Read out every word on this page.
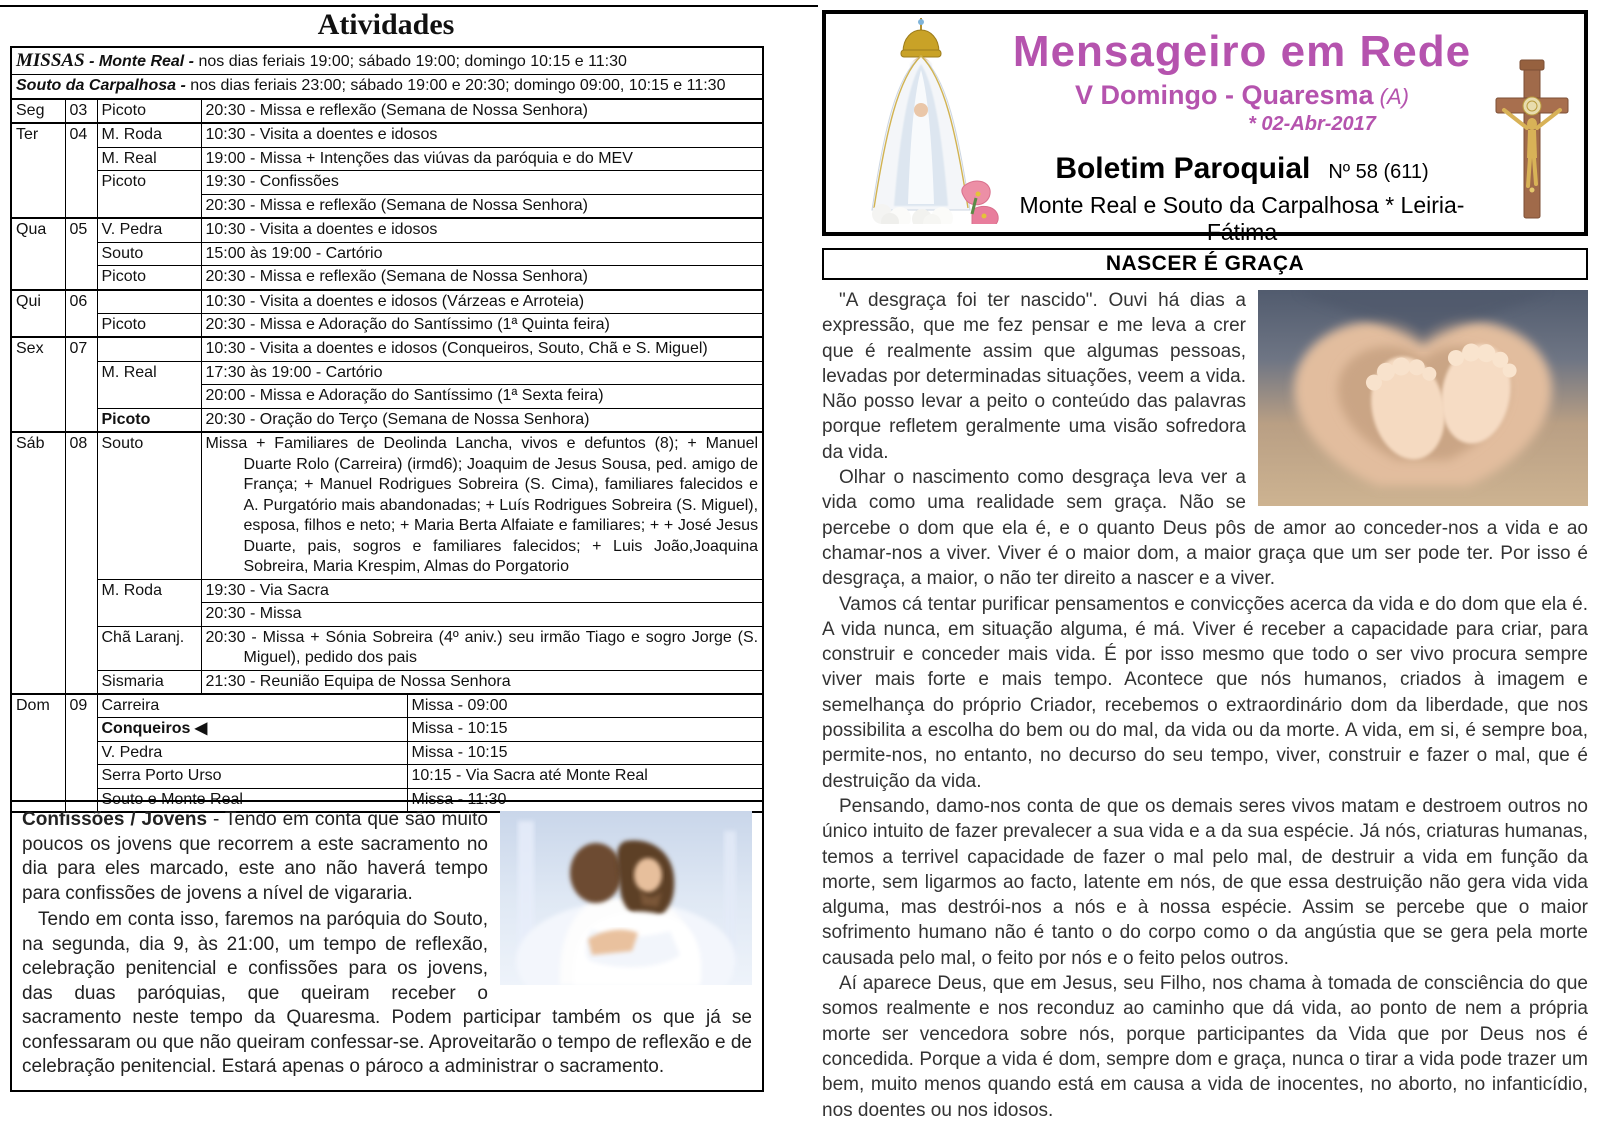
Atividades
MISSAS - Monte Real - nos dias feriais 19:00; sábado 19:00; domingo 10:15 e 11:30				
Souto da Carpalhosa - nos dias feriais 23:00; sábado 19:00 e 20:30; domingo 09:00, 10:15 e 11:30				
Seg	03	Picoto	20:30 - Missa e reflexão (Semana de Nossa Senhora)	
Ter	04	M. Roda	10:30 - Visita a doentes e idosos	
		M. Real	19:00 - Missa + Intenções das viúvas da paróquia e do MEV	
		Picoto	19:30 - Confissões	
			20:30 - Missa e reflexão (Semana de Nossa Senhora)	
Qua	05	V. Pedra	10:30 - Visita a doentes e idosos	
		Souto	15:00 às 19:00 - Cartório	
		Picoto	20:30 - Missa e reflexão (Semana de Nossa Senhora)	
Qui	06		10:30 - Visita a doentes e idosos (Várzeas e Arroteia)	
		Picoto	20:30 - Missa e Adoração do Santíssimo (1ª Quinta feira)	
Sex	07		10:30 - Visita a doentes e idosos (Conqueiros, Souto, Chã e S. Miguel)	
		M. Real	17:30 às 19:00 - Cartório	
			20:00 - Missa e Adoração do Santíssimo (1ª Sexta feira)	
		Picoto	20:30 - Oração do Terço (Semana de Nossa Senhora)	
Sáb	08	Souto	Missa + Familiares de Deolinda Lancha, vivos e defuntos (8); + Manuel Duarte Rolo (Carreira) (irmd6); Joaquim de Jesus Sousa, ped. amigo de França; + Manuel Rodrigues Sobreira (S. Cima), familiares falecidos e A. Purgatório mais abandonadas; + Luís Rodrigues Sobreira (S. Miguel), esposa, filhos e neto; + Maria Berta Alfaiate e familiares; + + José Jesus Duarte, pais, sogros e familiares falecidos; + Luis João,Joaquina Sobreira, Maria Krespim, Almas do Porgatorio	
		M. Roda	19:30 - Via Sacra	
			20:30 - Missa	
		Chã Laranj.	20:30 - Missa + Sónia Sobreira (4º aniv.) seu irmão Tiago e sogro Jorge (S. Miguel), pedido dos pais	
		Sismaria	21:30 - Reunião Equipa de Nossa Senhora	
Dom	09	Carreira		Missa - 09:00
		Conqueiros ◀		Missa - 10:15
		V. Pedra		Missa - 10:15
		Serra Porto Urso		10:15 - Via Sacra até Monte Real
		Souto e Monte Real		Missa - 11:30

Confissões / Jovens - Tendo em conta que são muito poucos os jovens que recorrem a este sacramento no dia para eles marcado, este ano não haverá tempo para confissões de jovens a nível de vigararia.

Tendo em conta isso, faremos na paróquia do Souto, na segunda, dia 9, às 21:00, um tempo de reflexão, celebração penitencial e confissões para os jovens, das duas paróquias, que queiram receber o sacramento neste tempo da Quaresma. Podem participar também os que já se confessaram ou que não queiram confessar-se. Aproveitarão o tempo de reflexão e de celebração penitencial. Estará apenas o pároco a administrar o sacramento.

Mensageiro em Rede
V Domingo - Quaresma (A)
* 02-Abr-2017
Boletim Paroquial Nº 58 (611)
Monte Real e Souto da Carpalhosa * Leiria-Fátima
NASCER É GRAÇA

"A desgraça foi ter nascido". Ouvi há dias a expressão, que me fez pensar e me leva a crer que é realmente assim que algumas pessoas, levadas por determinadas situações, veem a vida. Não posso levar a peito o conteúdo das palavras porque refletem geralmente uma visão sofredora da vida.

Olhar o nascimento como desgraça leva ver a vida como uma realidade sem graça. Não se percebe o dom que ela é, e o quanto Deus pôs de amor ao conceder-nos a vida e ao chamar-nos a viver. Viver é o maior dom, a maior graça que um ser pode ter. Por isso é desgraça, a maior, o não ter direito a nascer e a viver.

Vamos cá tentar purificar pensamentos e convicções acerca da vida e do dom que ela é. A vida nunca, em situação alguma, é má. Viver é receber a capacidade para criar, para construir e conceder mais vida. É por isso mesmo que todo o ser vivo procura sempre viver mais forte e mais tempo. Acontece que nós humanos, criados à imagem e semelhança do próprio Criador, recebemos o extraordinário dom da liberdade, que nos possibilita a escolha do bem ou do mal, da vida ou da morte. A vida, em si, é sempre boa, permite-nos, no entanto, no decurso do seu tempo, viver, construir e fazer o mal, que é destruição da vida.

Pensando, damo-nos conta de que os demais seres vivos matam e destroem outros no único intuito de fazer prevalecer a sua vida e a da sua espécie. Já nós, criaturas humanas, temos a terrivel capacidade de fazer o mal pelo mal, de destruir a vida em função da morte, sem ligarmos ao facto, latente em nós, de que essa destruição não gera vida vida alguma, mas destrói-nos a nós e à nossa espécie. Assim se percebe que o maior sofrimento humano não é tanto o do corpo como o da angústia que se gera pela morte causada pelo mal, o feito por nós e o feito pelos outros.

Aí aparece Deus, que em Jesus, seu Filho, nos chama à tomada de consciência do que somos realmente e nos reconduz ao caminho que dá vida, ao ponto de nem a própria morte ser vencedora sobre nós, porque participantes da Vida que por Deus nos é concedida. Porque a vida é dom, sempre dom e graça, nunca o tirar a vida pode trazer um bem, muito menos quando está em causa a vida de inocentes, no aborto, no infanticídio, nos doentes ou nos idosos.
